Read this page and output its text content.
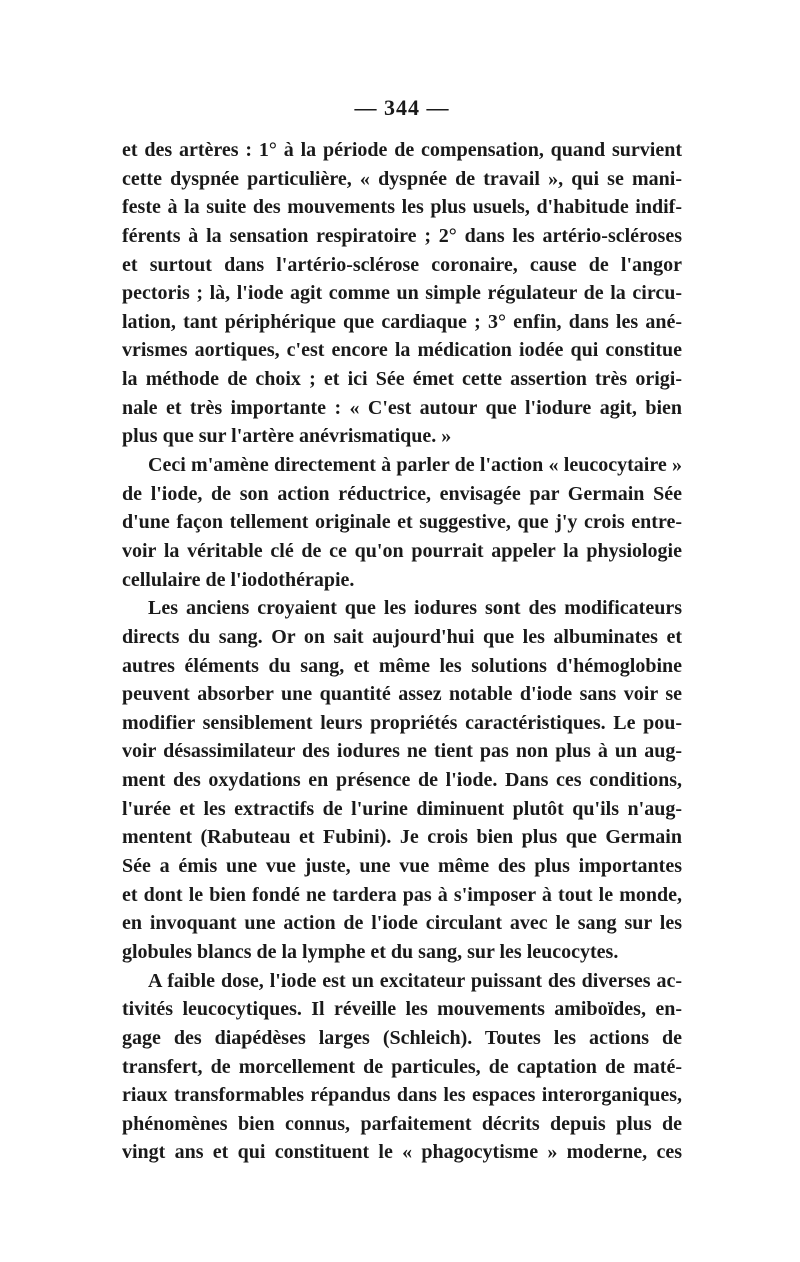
— 344 —
et des artères : 1° à la période de compensation, quand survient
cette dyspnée particulière, « dyspnée de travail », qui se mani-
feste à la suite des mouvements les plus usuels, d'habitude indif-
férents à la sensation respiratoire ; 2° dans les artério-scléroses
et surtout dans l'artério-sclérose coronaire, cause de l'angor
pectoris ; là, l'iode agit comme un simple régulateur de la circu-
lation, tant périphérique que cardiaque ; 3° enfin, dans les ané-
vrismes aortiques, c'est encore la médication iodée qui constitue
la méthode de choix ; et ici Sée émet cette assertion très origi-
nale et très importante : « C'est autour que l'iodure agit, bien
plus que sur l'artère anévrismatique. »
Ceci m'amène directement à parler de l'action « leucocytaire »
de l'iode, de son action réductrice, envisagée par Germain Sée
d'une façon tellement originale et suggestive, que j'y crois entre-
voir la véritable clé de ce qu'on pourrait appeler la physiologie
cellulaire de l'iodothérapie.
Les anciens croyaient que les iodures sont des modificateurs
directs du sang. Or on sait aujourd'hui que les albuminates et
autres éléments du sang, et même les solutions d'hémoglobine
peuvent absorber une quantité assez notable d'iode sans voir se
modifier sensiblement leurs propriétés caractéristiques. Le pou-
voir désassimilateur des iodures ne tient pas non plus à un aug-
ment des oxydations en présence de l'iode. Dans ces conditions,
l'urée et les extractifs de l'urine diminuent plutôt qu'ils n'aug-
mentent (Rabuteau et Fubini). Je crois bien plus que Germain
Sée a émis une vue juste, une vue même des plus importantes
et dont le bien fondé ne tardera pas à s'imposer à tout le monde,
en invoquant une action de l'iode circulant avec le sang sur les
globules blancs de la lymphe et du sang, sur les leucocytes.
A faible dose, l'iode est un excitateur puissant des diverses ac-
tivités leucocytiques. Il réveille les mouvements amiboïdes, en-
gage des diapédèses larges (Schleich). Toutes les actions de
transfert, de morcellement de particules, de captation de maté-
riaux transformables répandus dans les espaces interorganiques,
phénomènes bien connus, parfaitement décrits depuis plus de
vingt ans et qui constituent le « phagocytisme » moderne, ces
